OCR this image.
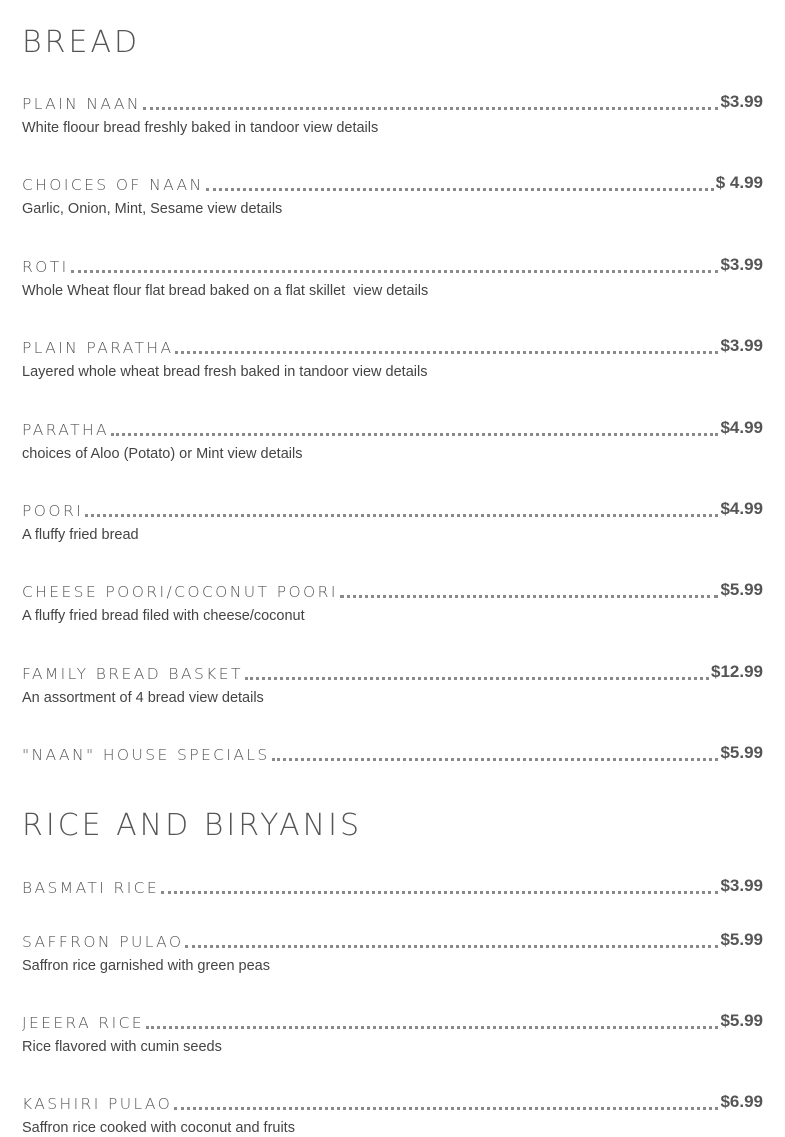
BREAD
PLAIN NAAN	$3.99
White floour bread freshly baked in tandoor view details
CHOICES OF NAAN	$ 4.99
Garlic, Onion, Mint, Sesame view details
ROTI	$3.99
Whole Wheat flour flat bread baked on a flat skillet  view details
PLAIN PARATHA	$3.99
Layered whole wheat bread fresh baked in tandoor view details
PARATHA	$4.99
choices of Aloo (Potato) or Mint view details
POORI	$4.99
A fluffy fried bread
CHEESE POORI/COCONUT POORI	$5.99
A fluffy fried bread filed with cheese/coconut
FAMILY BREAD BASKET	$12.99
An assortment of 4 bread view details
"NAAN" HOUSE SPECIALS	$5.99
RICE AND BIRYANIS
BASMATI RICE	$3.99
SAFFRON PULAO	$5.99
Saffron rice garnished with green peas
JEEERA RICE	$5.99
Rice flavored with cumin seeds
KASHIRI PULAO	$6.99
Saffron rice cooked with coconut and fruits
